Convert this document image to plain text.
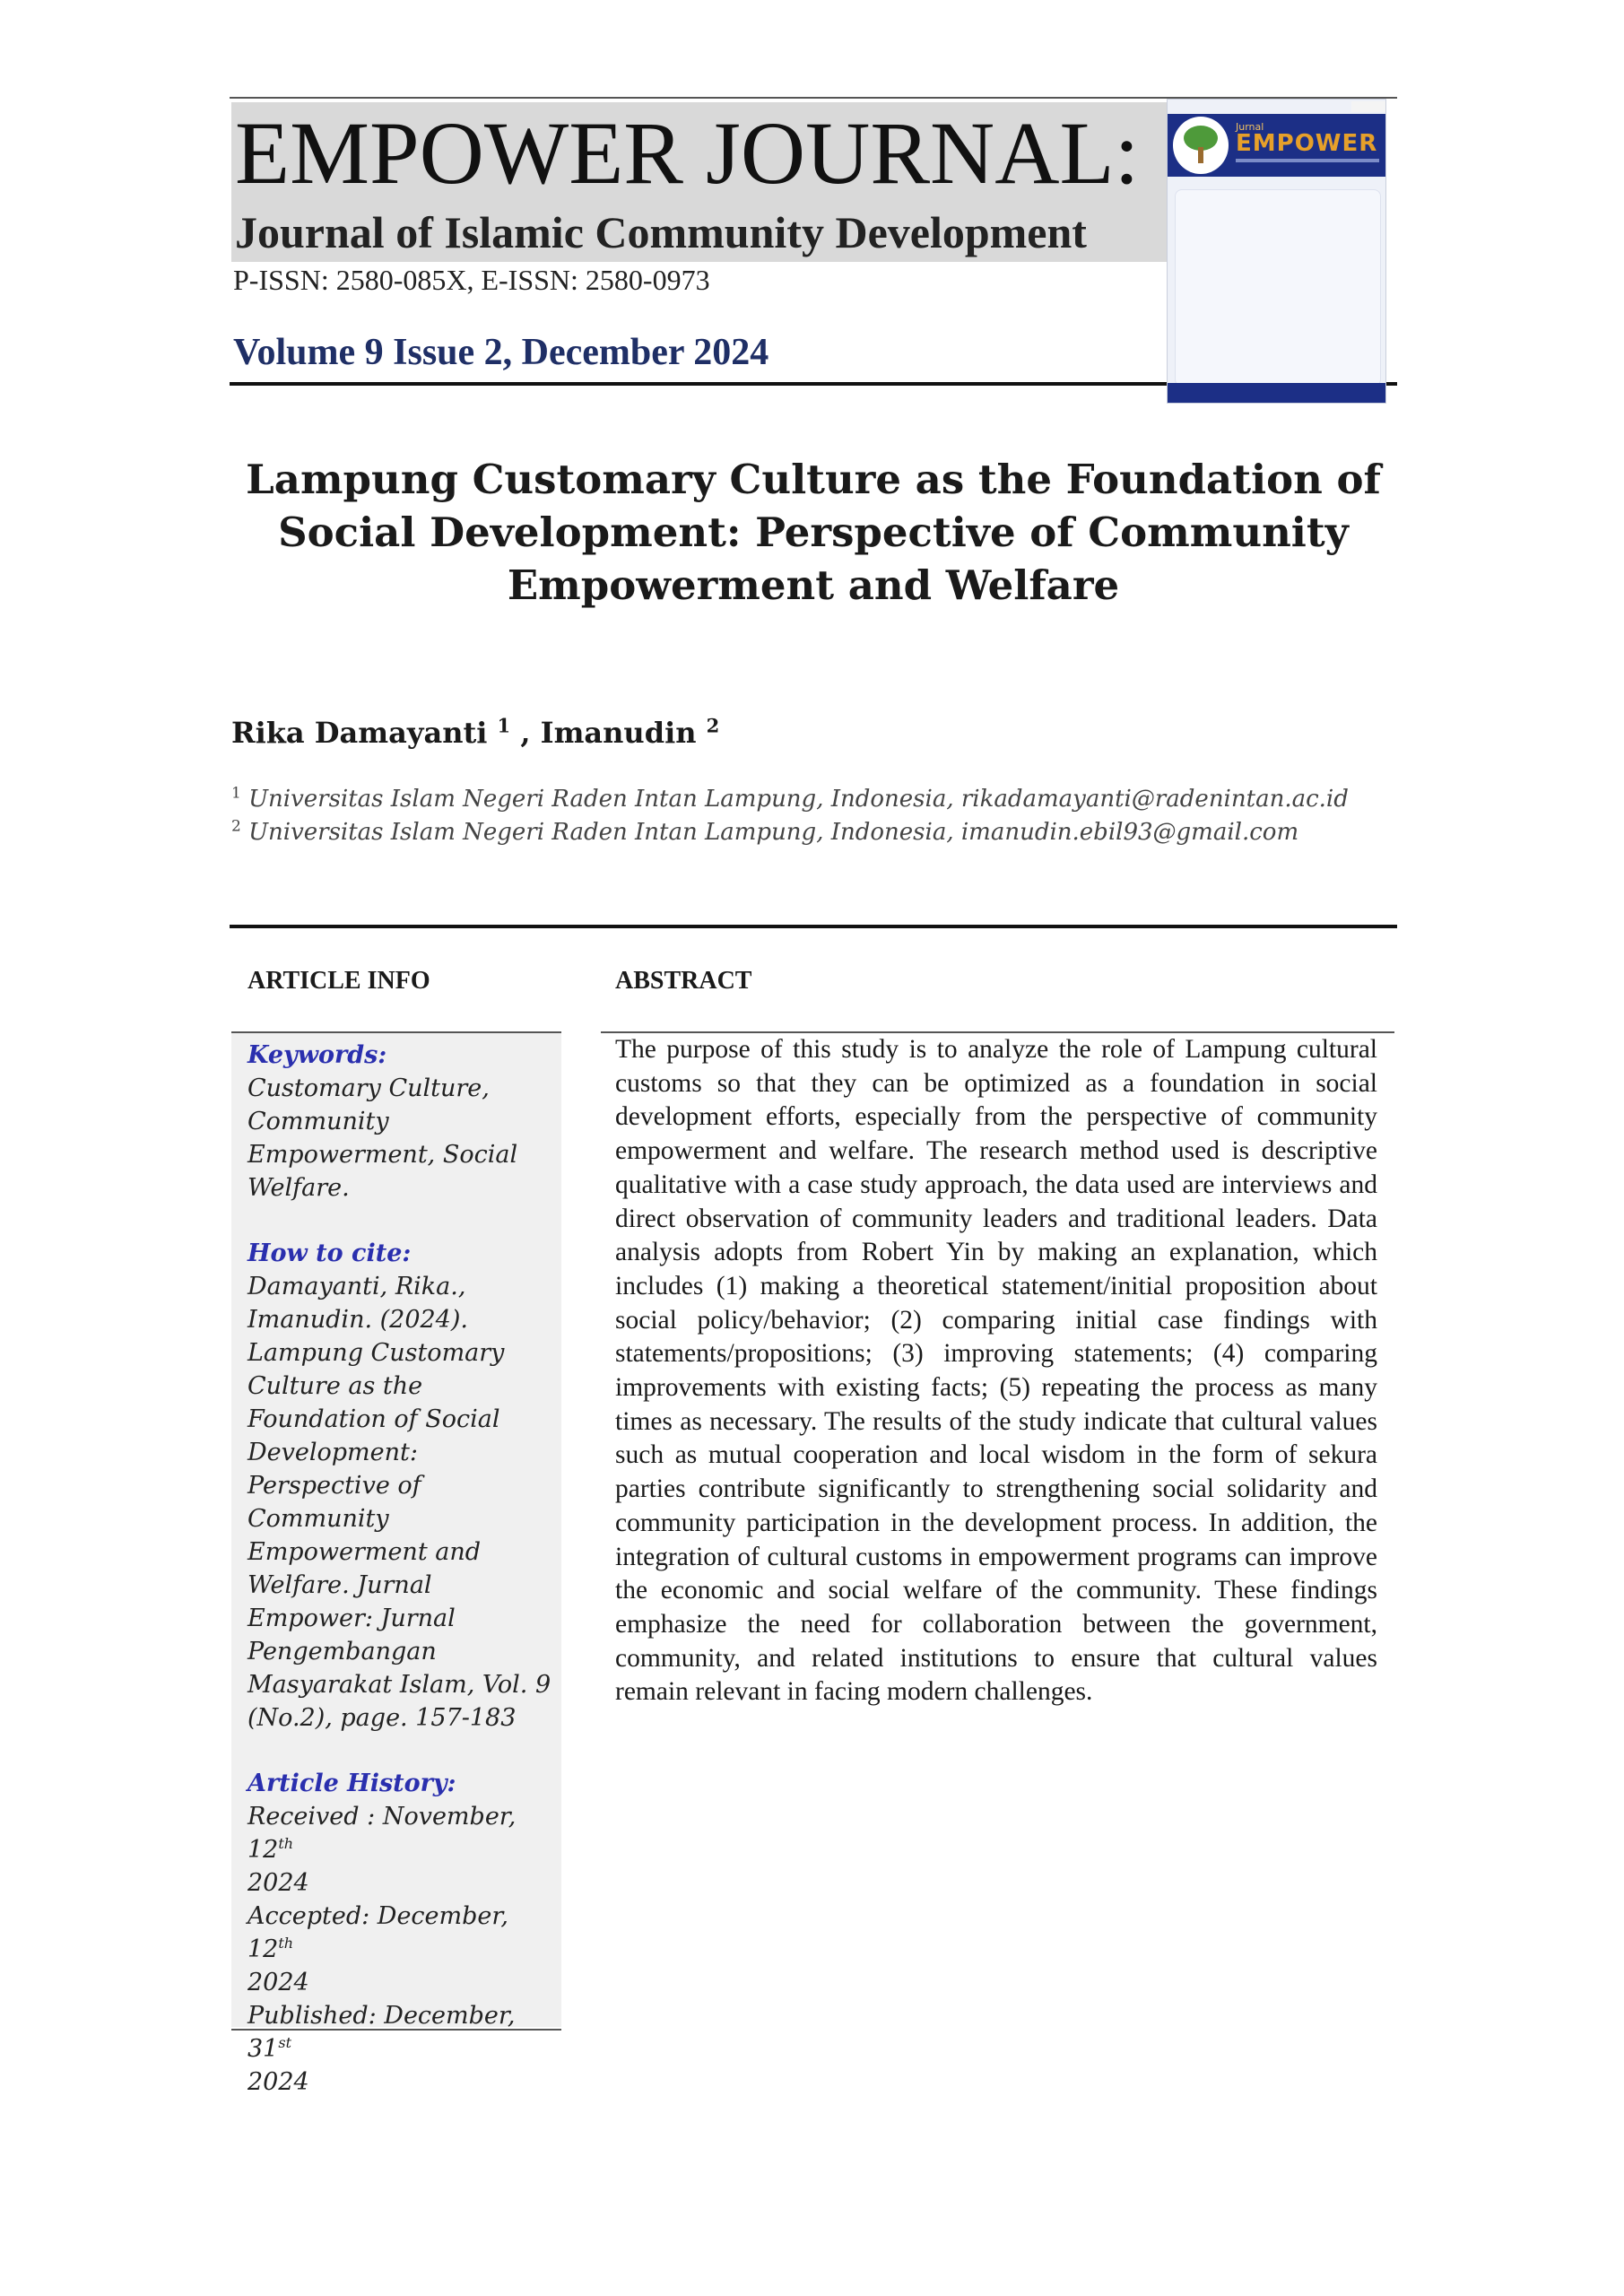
EMPOWER JOURNAL:
Journal of Islamic Community Development
P-ISSN: 2580-085X, E-ISSN: 2580-0973
Volume 9 Issue 2, December 2024
Jurnal
EMPOWER
Lampung Customary Culture as the Foundation of Social Development: Perspective of Community Empowerment and Welfare
Rika Damayanti $^1$ , Imanudin $^2$
$^1$ Universitas Islam Negeri Raden Intan Lampung, Indonesia, rikadamayanti@radenintan.ac.id
$^2$ Universitas Islam Negeri Raden Intan Lampung, Indonesia, imanudin.ebil93@gmail.com
ARTICLE INFO	ABSTRACT
Keywords:
Customary Culture, Community Empowerment, Social Welfare.
How to cite:
Damayanti, Rika., Imanudin. (2024). Lampung Customary Culture as the Foundation of Social Development: Perspective of Community Empowerment and Welfare. Jurnal Empower: Jurnal Pengembangan Masyarakat Islam, Vol. 9 (No.2), page. 157-183
Article History:
Received : November, 12th
2024
Accepted: December, 12th
2024
Published: December, 31st
2024
The purpose of this study is to analyze the role of Lampung cultural customs so that they can be optimized as a foundation in social development efforts, especially from the perspective of community empowerment and welfare. The research method used is descriptive qualitative with a case study approach, the data used are interviews and direct observation of community leaders and traditional leaders. Data analysis adopts from Robert Yin by making an explanation, which includes (1) making a theoretical statement/initial proposition about social policy/behavior; (2) comparing initial case findings with statements/propositions; (3) improving statements; (4) comparing improvements with existing facts; (5) repeating the process as many times as necessary. The results of the study indicate that cultural values such as mutual cooperation and local wisdom in the form of sekura parties contribute significantly to strengthening social solidarity and community participation in the development process. In addition, the integration of cultural customs in empowerment programs can improve the economic and social welfare of the community. These findings emphasize the need for collaboration between the government, community, and related institutions to ensure that cultural values remain relevant in facing modern challenges.
